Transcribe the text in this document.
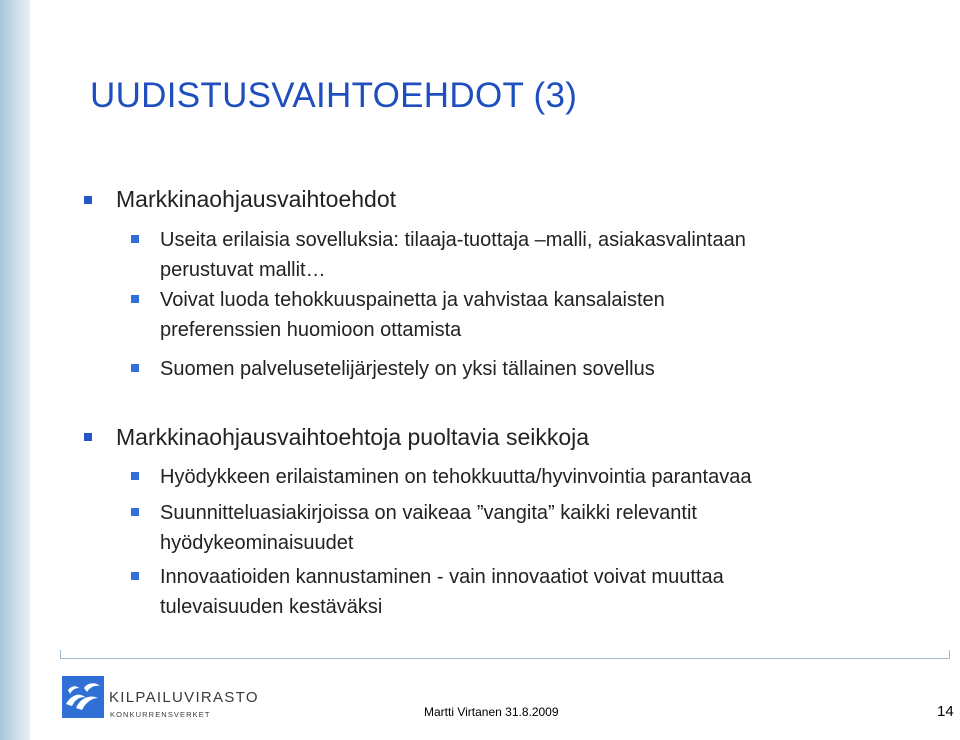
UUDISTUSVAIHTOEHDOT (3)
Markkinaohjausvaihtoehdot
Useita erilaisia sovelluksia: tilaaja-tuottaja –malli, asiakasvalintaan
perustuvat mallit…
Voivat luoda tehokkuuspainetta ja vahvistaa kansalaisten
preferenssien huomioon ottamista
Suomen palvelusetelijärjestely on yksi tällainen sovellus
Markkinaohjausvaihtoehtoja puoltavia seikkoja
Hyödykkeen erilaistaminen on tehokkuutta/hyvinvointia parantavaa
Suunnitteluasiakirjoissa on vaikeaa ”vangita” kaikki relevantit
hyödykeominaisuudet
Innovaatioiden kannustaminen - vain innovaatiot voivat muuttaa
tulevaisuuden kestäväksi
KILPAILUVIRASTO
KONKURRENSVERKET	Martti Virtanen 31.8.2009	14
